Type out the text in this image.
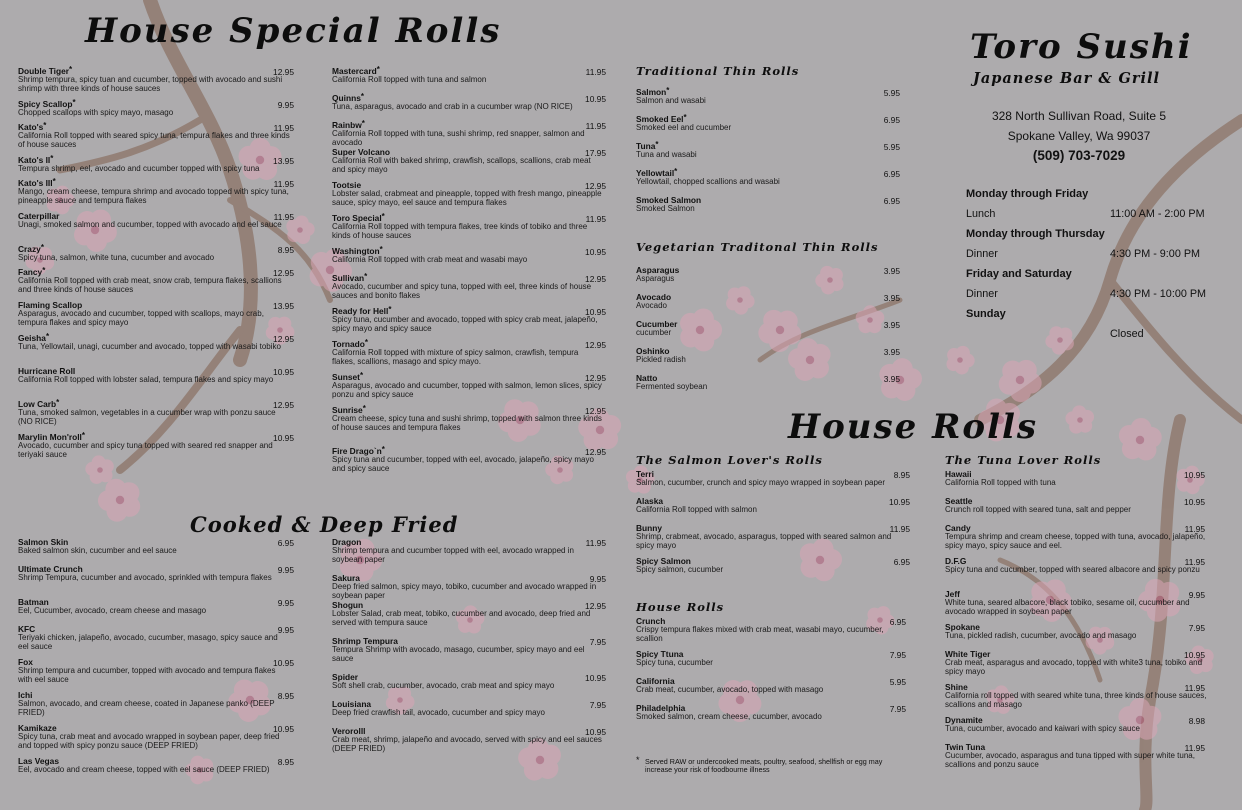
House Special Rolls
Double Tiger*	12.95
Shrimp tempura, spicy tuan and cucumber, topped with avocado and sushi shrimp with three kinds of house sauces
Spicy Scallop*	9.95
Chopped scallops with spicy mayo, masago
Kato's*	11.95
California Roll topped with seared spicy tuna, tempura flakes and three kinds of house sauces
Kato's II*	13.95
Tempura shrimp, eel, avocado and cucumber topped with spicy tuna
Kato's III*	11.95
Mango, cream cheese, tempura shrimp and avocado topped with spicy tuna, pineapple sauce and tempura flakes
Caterpillar	11.95
Unagi, smoked salmon and cucumber, topped with avocado and eel sauce
Crazy*	8.95
Spicy tuna, salmon, white tuna, cucumber and avocado
Fancy*	12.95
California Roll topped with crab meat, snow crab, tempura flakes, scallions and three kinds of house sauces
Flaming Scallop	13.95
Asparagus, avocado and cucumber, topped with scallops, mayo crab, tempura flakes and spicy mayo
Geisha*	12.95
Tuna, Yellowtail, unagi, cucumber and avocado, topped with wasabi tobiko
Hurricane Roll	10.95
California Roll topped with lobster salad, tempura flakes and spicy mayo
Low Carb*	12.95
Tuna, smoked salmon, vegetables in a cucumber wrap with ponzu sauce (NO RICE)
Marylin Mon'roll*	10.95
Avocado, cucumber and spicy tuna topped with seared red snapper and teriyaki sauce
Mastercard*	11.95
California Roll topped with tuna and salmon
Quinns*	10.95
Tuna, asparagus, avocado and crab in a cucumber wrap (NO RICE)
Rainbw*	11.95
California Roll topped with tuna, sushi shrimp, red snapper, salmon and avocado
Super Volcano	17.95
California Roll with baked shrimp, crawfish, scallops, scallions, crab meat and spicy mayo
Tootsie	12.95
Lobster salad, crabmeat and pineapple, topped with fresh mango, pineapple sauce, spicy mayo, eel sauce and tempura flakes
Toro Special*	11.95
California Roll topped with tempura flakes, tree kinds of tobiko and three kinds of house sauces
Washington*	10.95
California Roll topped with crab meat and wasabi mayo
Sullivan*	12.95
Avocado, cucumber and spicy tuna, topped with eel, three kinds of house sauces and bonito flakes
Ready for Hell*	10.95
Spicy tuna, cucumber and avocado, topped with spicy crab meat, jalapeño, spicy mayo and spicy sauce
Tornado*	12.95
California Roll topped with mixture of spicy salmon, crawfish, tempura flakes, scallions, masago and spicy mayo.
Sunset*	12.95
Asparagus, avocado and cucumber, topped with salmon, lemon slices, spicy ponzu and spicy sauce
Sunrise*	12.95
Cream cheese, spicy tuna and sushi shrimp, topped with salmon three kinds of house sauces and tempura flakes
Fire Drago`n*	12.95
Spicy tuna and cucumber, topped with eel, avocado, jalapeño, spicy mayo and spicy sauce
Cooked & Deep Fried
Salmon Skin	6.95
Baked salmon skin, cucumber and eel sauce
Ultimate Crunch	9.95
Shrimp Tempura, cucumber and avocado, sprinkled with tempura flakes
Batman	9.95
Eel, Cucumber, avocado, cream cheese and masago
KFC	9.95
Teriyaki chicken, jalapeño, avocado, cucumber, masago, spicy sauce and eel sauce
Fox	10.95
Shrimp tempura and cucumber, topped with avocado and tempura flakes with eel sauce
Ichi	8.95
Salmon, avocado, and cream cheese, coated in Japanese panko (DEEP FRIED)
Kamikaze	10.95
Spicy tuna, crab meat and avocado wrapped in soybean paper, deep fried and topped with spicy ponzu sauce (DEEP FRIED)
Las Vegas	8.95
Eel, avocado and cream cheese, topped with eel sauce (DEEP FRIED)
Dragon	11.95
Shrimp tempura and cucumber topped with eel, avocado wrapped in soybean paper
Sakura	9.95
Deep fried salmon, spicy mayo, tobiko, cucumber and avocado wrapped in soybean paper
Shogun	12.95
Lobster Salad, crab meat, tobiko, cucumber and avocado, deep fried and served with tempura sauce
Shrimp Tempura	7.95
Tempura Shrimp with avocado, masago, cucumber, spicy mayo and eel sauce
Spider	10.95
Soft shell crab, cucumber, avocado, crab meat and spicy mayo
Louisiana	7.95
Deep fried crawfish tail, avocado, cucumber and spicy mayo
Verorolll	10.95
Crab meat, shrimp, jalapeño and avocado, served with spicy and eel sauces (DEEP FRIED)
Traditional Thin Rolls
Salmon*	5.95
Salmon and wasabi
Smoked Eel*	6.95
Smoked eel and cucumber
Tuna*	5.95
Tuna and wasabi
Yellowtail*	6.95
Yellowtail, chopped scallions and wasabi
Smoked Salmon	6.95
Smoked Salmon
Vegetarian Traditonal Thin Rolls
Asparagus	3.95
Asparagus
Avocado	3.95
Avocado
Cucumber	3.95
cucumber
Oshinko	3.95
Pickled radish
Natto	3.95
Fermented soybean
Toro Sushi
Japanese Bar & Grill
328 North Sullivan Road, Suite 5
Spokane Valley, Wa 99037
(509) 703-7029
Monday through Friday
Lunch	11:00 AM - 2:00 PM
Monday through Thursday
Dinner	4:30 PM - 9:00 PM
Friday and Saturday
Dinner	4:30 PM - 10:00 PM
Sunday
Closed
House Rolls
The Salmon Lover's Rolls
Terri	8.95
Salmon, cucumber, crunch and spicy mayo wrapped in soybean paper
Alaska	10.95
California Roll topped with salmon
Bunny	11.95
Shrimp, crabmeat, avocado, asparagus, topped with seared salmon and spicy mayo
Spicy Salmon	6.95
Spicy salmon, cucumber
House Rolls
Crunch	6.95
Crispy tempura flakes mixed with crab meat, wasabi mayo, cucumber, scallion
Spicy Ttuna	7.95
Spicy tuna, cucumber
California	5.95
Crab meat, cucumber, avocado, topped with masago
Philadelphia	7.95
Smoked salmon, cream cheese, cucumber, avocado
The Tuna Lover Rolls
Hawaii	10.95
California Roll topped with tuna
Seattle	10.95
Crunch roll topped with seared tuna, salt and pepper
Candy	11.95
Tempura shrimp and cream cheese, topped with tuna, avocado, jalapeño, spicy mayo, spicy sauce and eel.
D.F.G	11.95
Spicy tuna and cucumber, topped with seared albacore and spicy ponzu
Jeff	9.95
White tuna, seared albacore, black tobiko, sesame oil, cucumber and avocado wrapped in soybean paper
Spokane	7.95
Tuna, pickled radish, cucumber, avocado and masago
White Tiger	10.95
Crab meat, asparagus and avocado, topped with white3 tuna, tobiko and spicy mayo
Shine	11.95
California roll topped with seared white tuna, three kinds of house sauces, scallions and masago
Dynamite	8.98
Tuna, cucumber, avocado and kaiwari with spicy sauce
Twin Tuna	11.95
Cucumber, avocado, asparagus and tuna tipped with super white tuna, scallions and ponzu sauce
* Served RAW or undercooked meats, poultry, seafood, shellfish or egg may increase your risk of foodbourne illness
